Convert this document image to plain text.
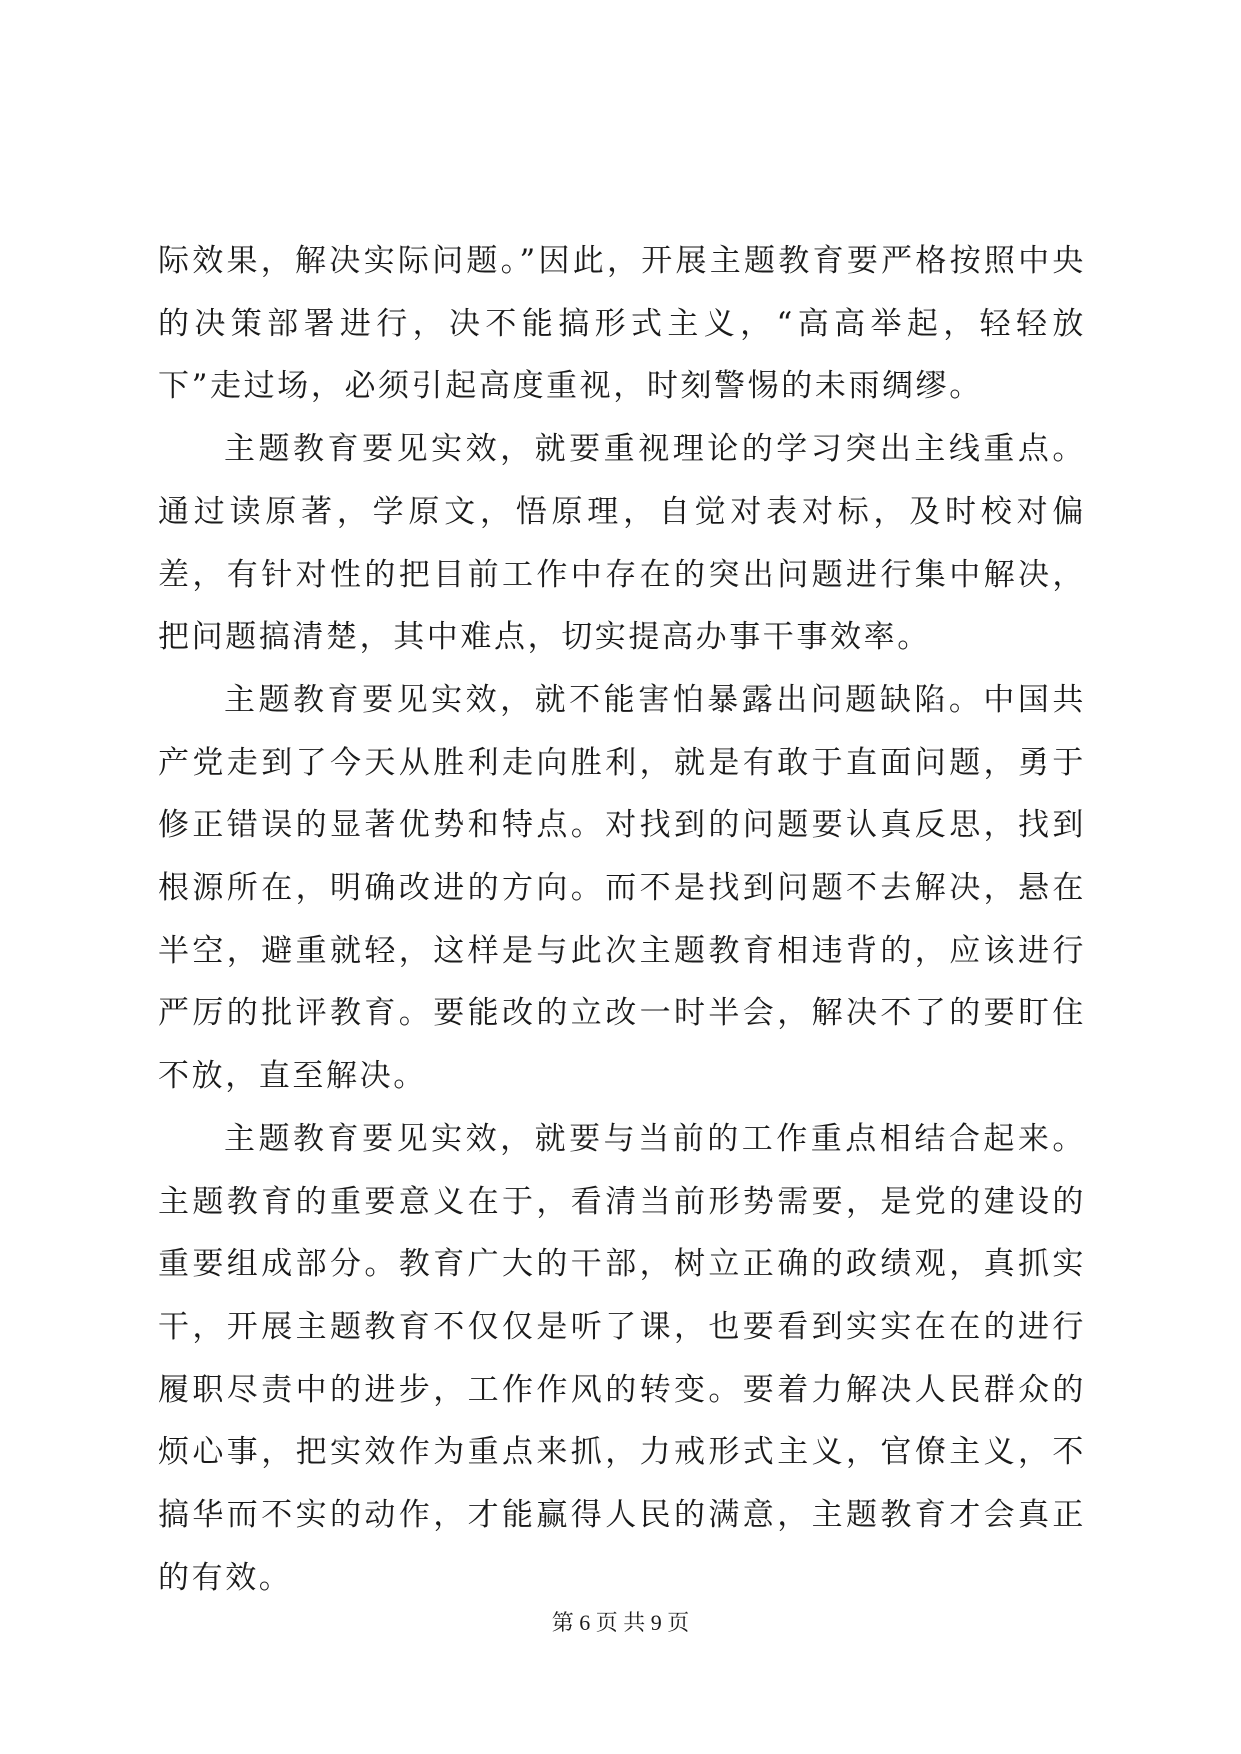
际效果，解决实际问题。”因此，开展主题教育要严格按照中央的决策部署进行，决不能搞形式主义，“高高举起，轻轻放下”走过场，必须引起高度重视，时刻警惕的未雨绸缪。

主题教育要见实效，就要重视理论的学习突出主线重点。通过读原著，学原文，悟原理，自觉对表对标，及时校对偏差，有针对性的把目前工作中存在的突出问题进行集中解决，把问题搞清楚，其中难点，切实提高办事干事效率。

主题教育要见实效，就不能害怕暴露出问题缺陷。中国共产党走到了今天从胜利走向胜利，就是有敢于直面问题，勇于修正错误的显著优势和特点。对找到的问题要认真反思，找到根源所在，明确改进的方向。而不是找到问题不去解决，悬在半空，避重就轻，这样是与此次主题教育相违背的，应该进行严厉的批评教育。要能改的立改一时半会，解决不了的要盯住不放，直至解决。

主题教育要见实效，就要与当前的工作重点相结合起来。主题教育的重要意义在于，看清当前形势需要，是党的建设的重要组成部分。教育广大的干部，树立正确的政绩观，真抓实干，开展主题教育不仅仅是听了课，也要看到实实在在的进行履职尽责中的进步，工作作风的转变。要着力解决人民群众的烦心事，把实效作为重点来抓，力戒形式主义，官僚主义，不搞华而不实的动作，才能赢得人民的满意，主题教育才会真正的有效。

第 6 页 共 9 页
